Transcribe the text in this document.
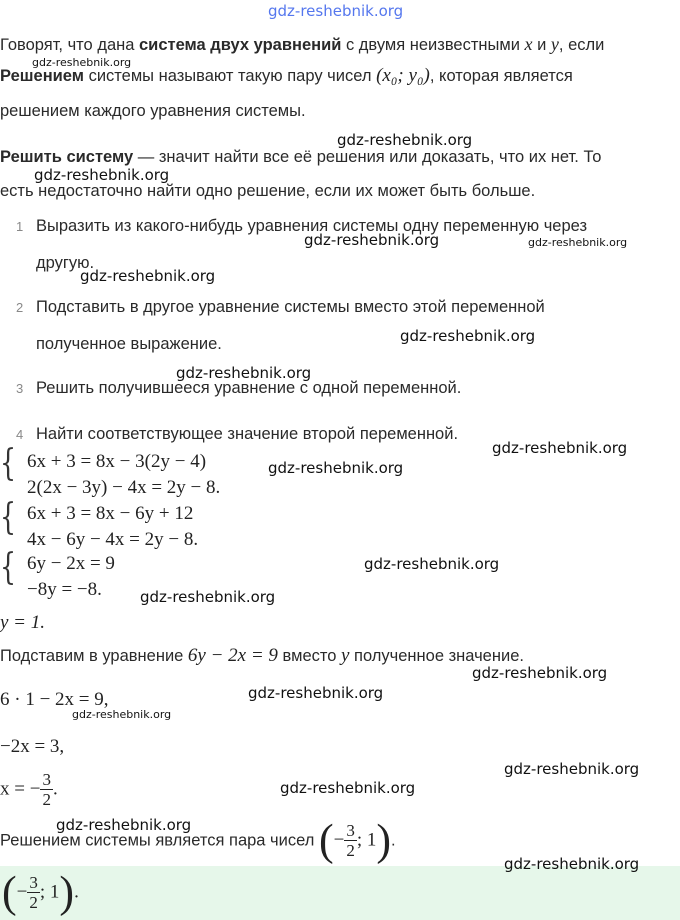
gdz-reshebnik.org
Говорят, что дана система двух уравнений с двумя неизвестными x и y, если
gdz-reshebnik.org
Решением системы называют такую пару чисел (x₀; y₀), которая является
решением каждого уравнения системы.
gdz-reshebnik.org
Решить систему — значит найти все её решения или доказать, что их нет. То
gdz-reshebnik.org
есть недостаточно найти одно решение, если их может быть больше.
1 Выразить из какого-нибудь уравнения системы одну переменную через
gdz-reshebnik.org	gdz-reshebnik.org
другую.
gdz-reshebnik.org
2 Подставить в другое уравнение системы вместо этой переменной
gdz-reshebnik.org
полученное выражение.
gdz-reshebnik.org
3 Решить получившееся уравнение с одной переменной.
4 Найти соответствующее значение второй переменной.
{ 6x + 3 = 8x − 3(2y − 4)
gdz-reshebnik.org
gdz-reshebnik.org
2(2x − 3y) − 4x = 2y − 8.
{ 6x + 3 = 8x − 6y + 12
4x − 6y − 4x = 2y − 8.
{ 6y − 2x = 9	gdz-reshebnik.org
−8y = −8.	gdz-reshebnik.org
y = 1.
Подставим в уравнение 6y − 2x = 9 вместо y полученное значение.
gdz-reshebnik.org
6 · 1 − 2x = 9,	gdz-reshebnik.org
gdz-reshebnik.org
−2x = 3,
gdz-reshebnik.org
x = − $\frac{3}{2}$ .	gdz-reshebnik.org
gdz-reshebnik.org
Решением системы является пара чисел (− $\frac{3}{2}$ ; 1).
(− $\frac{3}{2}$ ; 1).
gdz-reshebnik.org
